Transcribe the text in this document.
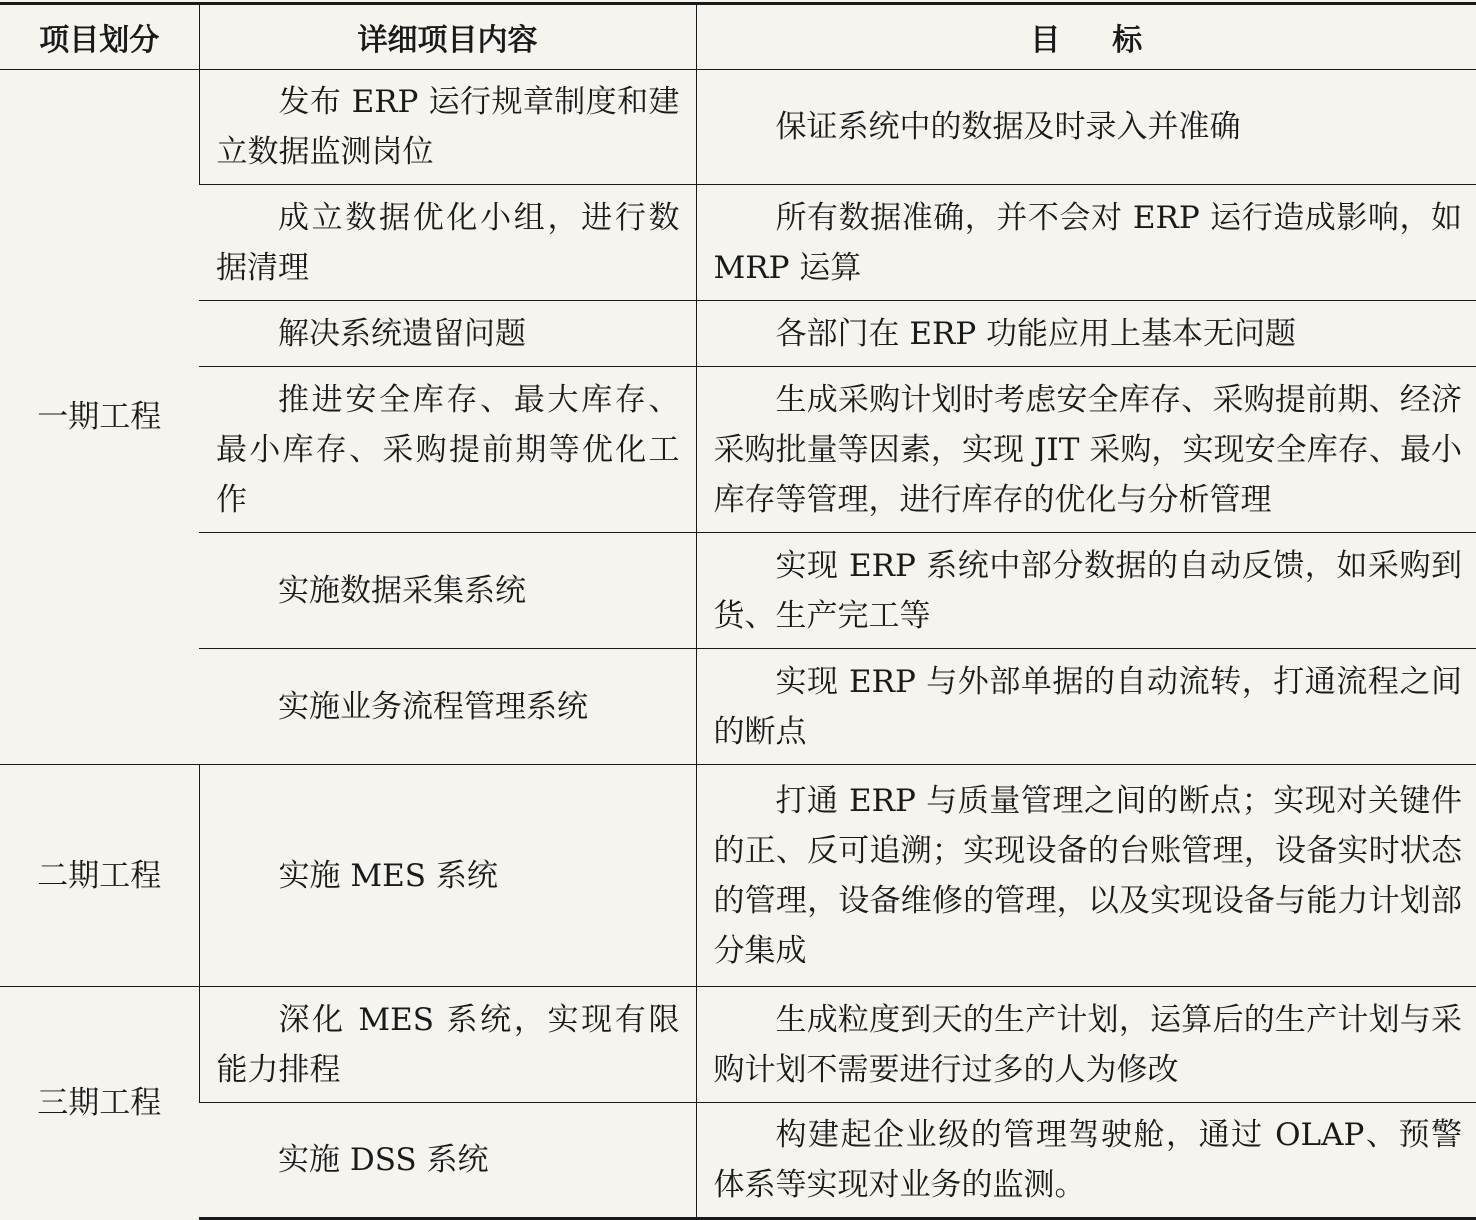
项目划分	详细项目内容	目 标
一期工程	发布 ERP 运行规章制度和建立数据监测岗位	保证系统中的数据及时录入并准确
	成立数据优化小组，进行数据清理	所有数据准确，并不会对 ERP 运行造成影响，如 MRP 运算
	解决系统遗留问题	各部门在 ERP 功能应用上基本无问题
	推进安全库存、最大库存、最小库存、采购提前期等优化工作	生成采购计划时考虑安全库存、采购提前期、经济采购批量等因素，实现 JIT 采购，实现安全库存、最小库存等管理，进行库存的优化与分析管理
	实施数据采集系统	实现 ERP 系统中部分数据的自动反馈，如采购到货、生产完工等
	实施业务流程管理系统	实现 ERP 与外部单据的自动流转，打通流程之间的断点
二期工程	实施 MES 系统	打通 ERP 与质量管理之间的断点；实现对关键件的正、反可追溯；实现设备的台账管理，设备实时状态的管理，设备维修的管理，以及实现设备与能力计划部分集成
三期工程	深化 MES 系统，实现有限能力排程	生成粒度到天的生产计划，运算后的生产计划与采购计划不需要进行过多的人为修改
	实施 DSS 系统	构建起企业级的管理驾驶舱，通过 OLAP、预警体系等实现对业务的监测。
